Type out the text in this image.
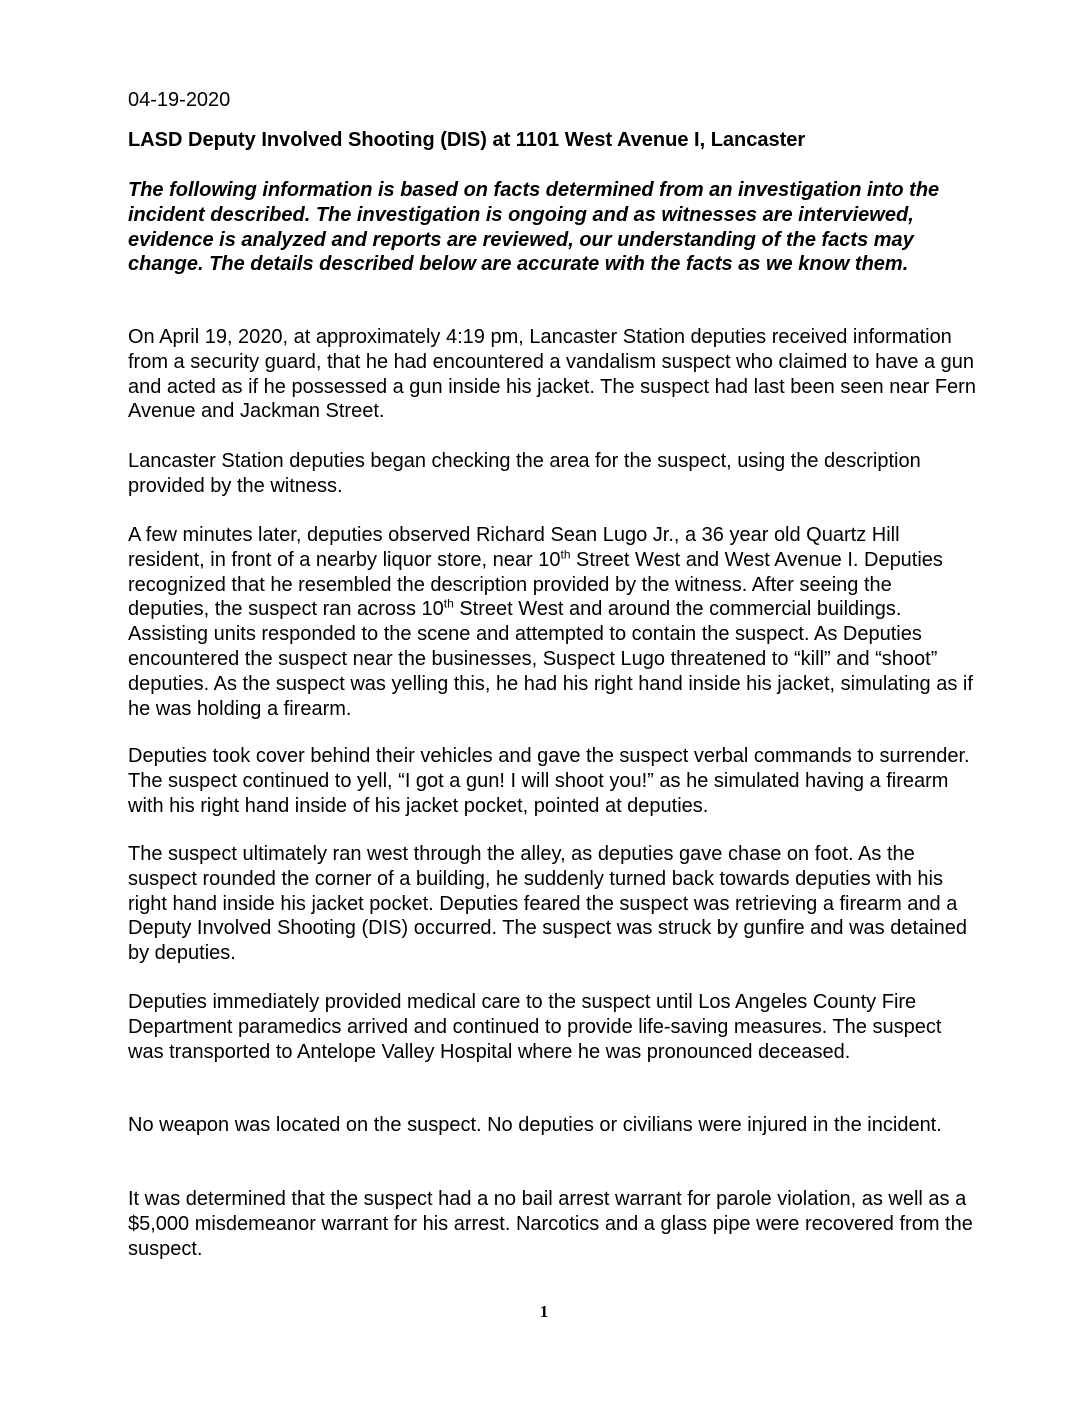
04-19-2020

LASD Deputy Involved Shooting (DIS) at 1101 West Avenue I, Lancaster

The following information is based on facts determined from an investigation into the incident described. The investigation is ongoing and as witnesses are interviewed, evidence is analyzed and reports are reviewed, our understanding of the facts may change. The details described below are accurate with the facts as we know them.

On April 19, 2020, at approximately 4:19 pm, Lancaster Station deputies received information from a security guard, that he had encountered a vandalism suspect who claimed to have a gun and acted as if he possessed a gun inside his jacket. The suspect had last been seen near Fern Avenue and Jackman Street.

Lancaster Station deputies began checking the area for the suspect, using the description provided by the witness.

A few minutes later, deputies observed Richard Sean Lugo Jr., a 36 year old Quartz Hill resident, in front of a nearby liquor store, near 10th Street West and West Avenue I. Deputies recognized that he resembled the description provided by the witness. After seeing the deputies, the suspect ran across 10th Street West and around the commercial buildings. Assisting units responded to the scene and attempted to contain the suspect. As Deputies encountered the suspect near the businesses, Suspect Lugo threatened to “kill” and “shoot” deputies. As the suspect was yelling this, he had his right hand inside his jacket, simulating as if he was holding a firearm.

Deputies took cover behind their vehicles and gave the suspect verbal commands to surrender. The suspect continued to yell, “I got a gun! I will shoot you!” as he simulated having a firearm with his right hand inside of his jacket pocket, pointed at deputies.

The suspect ultimately ran west through the alley, as deputies gave chase on foot. As the suspect rounded the corner of a building, he suddenly turned back towards deputies with his right hand inside his jacket pocket. Deputies feared the suspect was retrieving a firearm and a Deputy Involved Shooting (DIS) occurred. The suspect was struck by gunfire and was detained by deputies.

Deputies immediately provided medical care to the suspect until Los Angeles County Fire Department paramedics arrived and continued to provide life-saving measures. The suspect was transported to Antelope Valley Hospital where he was pronounced deceased.

No weapon was located on the suspect. No deputies or civilians were injured in the incident.

It was determined that the suspect had a no bail arrest warrant for parole violation, as well as a $5,000 misdemeanor warrant for his arrest. Narcotics and a glass pipe were recovered from the suspect.

1
